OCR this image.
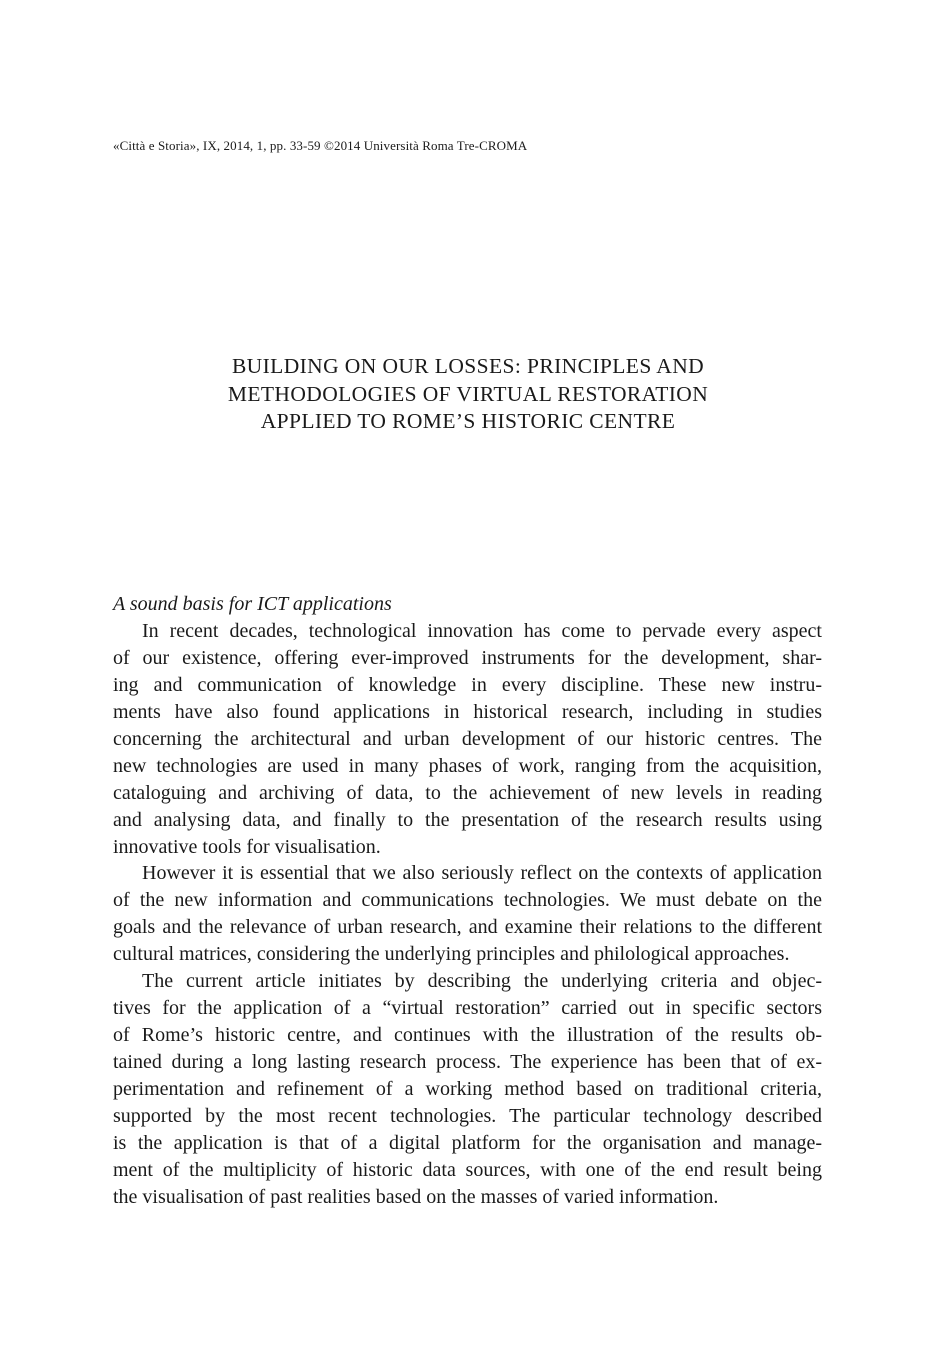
«Città e Storia», IX, 2014, 1, pp. 33-59 ©2014 Università Roma Tre-CROMA
BUILDING ON OUR LOSSES: PRINCIPLES AND
METHODOLOGIES OF VIRTUAL RESTORATION
APPLIED TO ROME’S HISTORIC CENTRE
A sound basis for ICT applications
In recent decades, technological innovation has come to pervade every aspect
of our existence, offering ever-improved instruments for the development, shar-
ing and communication of knowledge in every discipline. These new instru-
ments have also found applications in historical research, including in studies
concerning the architectural and urban development of our historic centres. The
new technologies are used in many phases of work, ranging from the acquisition,
cataloguing and archiving of data, to the achievement of new levels in reading
and analysing data, and finally to the presentation of the research results using
innovative tools for visualisation.
However it is essential that we also seriously reflect on the contexts of application
of the new information and communications technologies. We must debate on the
goals and the relevance of urban research, and examine their relations to the different
cultural matrices, considering the underlying principles and philological approaches.
The current article initiates by describing the underlying criteria and objec-
tives for the application of a “virtual restoration” carried out in specific sectors
of Rome’s historic centre, and continues with the illustration of the results ob-
tained during a long lasting research process. The experience has been that of ex-
perimentation and refinement of a working method based on traditional criteria,
supported by the most recent technologies. The particular technology described
is the application is that of a digital platform for the organisation and manage-
ment of the multiplicity of historic data sources, with one of the end result being
the visualisation of past realities based on the masses of varied information.
